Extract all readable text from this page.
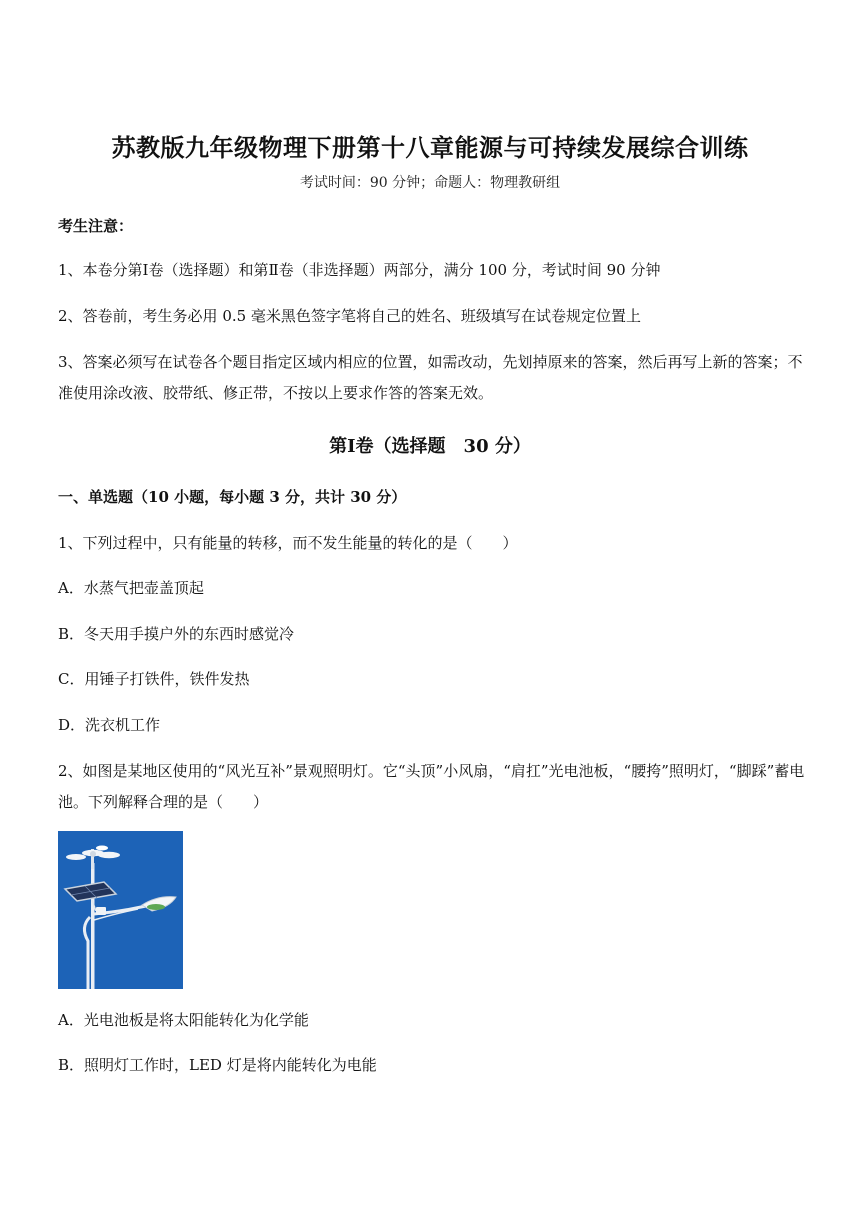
苏教版九年级物理下册第十八章能源与可持续发展综合训练
考试时间：90 分钟；命题人：物理教研组
考生注意：
1、本卷分第Ⅰ卷（选择题）和第Ⅱ卷（非选择题）两部分，满分 100 分，考试时间 90 分钟
2、答卷前，考生务必用 0.5 毫米黑色签字笔将自己的姓名、班级填写在试卷规定位置上
3、答案必须写在试卷各个题目指定区域内相应的位置，如需改动，先划掉原来的答案，然后再写上新的答案；不准使用涂改液、胶带纸、修正带，不按以上要求作答的答案无效。
第Ⅰ卷（选择题　30 分）
一、单选题（10 小题，每小题 3 分，共计 30 分）
1、下列过程中，只有能量的转移，而不发生能量的转化的是（　　）
A．水蒸气把壶盖顶起
B．冬天用手摸户外的东西时感觉冷
C．用锤子打铁件，铁件发热
D．洗衣机工作
2、如图是某地区使用的“风光互补”景观照明灯。它“头顶”小风扇，“肩扛”光电池板，“腰挎”照明灯，“脚踩”蓄电池。下列解释合理的是（　　）
A．光电池板是将太阳能转化为化学能
B．照明灯工作时，LED 灯是将内能转化为电能
